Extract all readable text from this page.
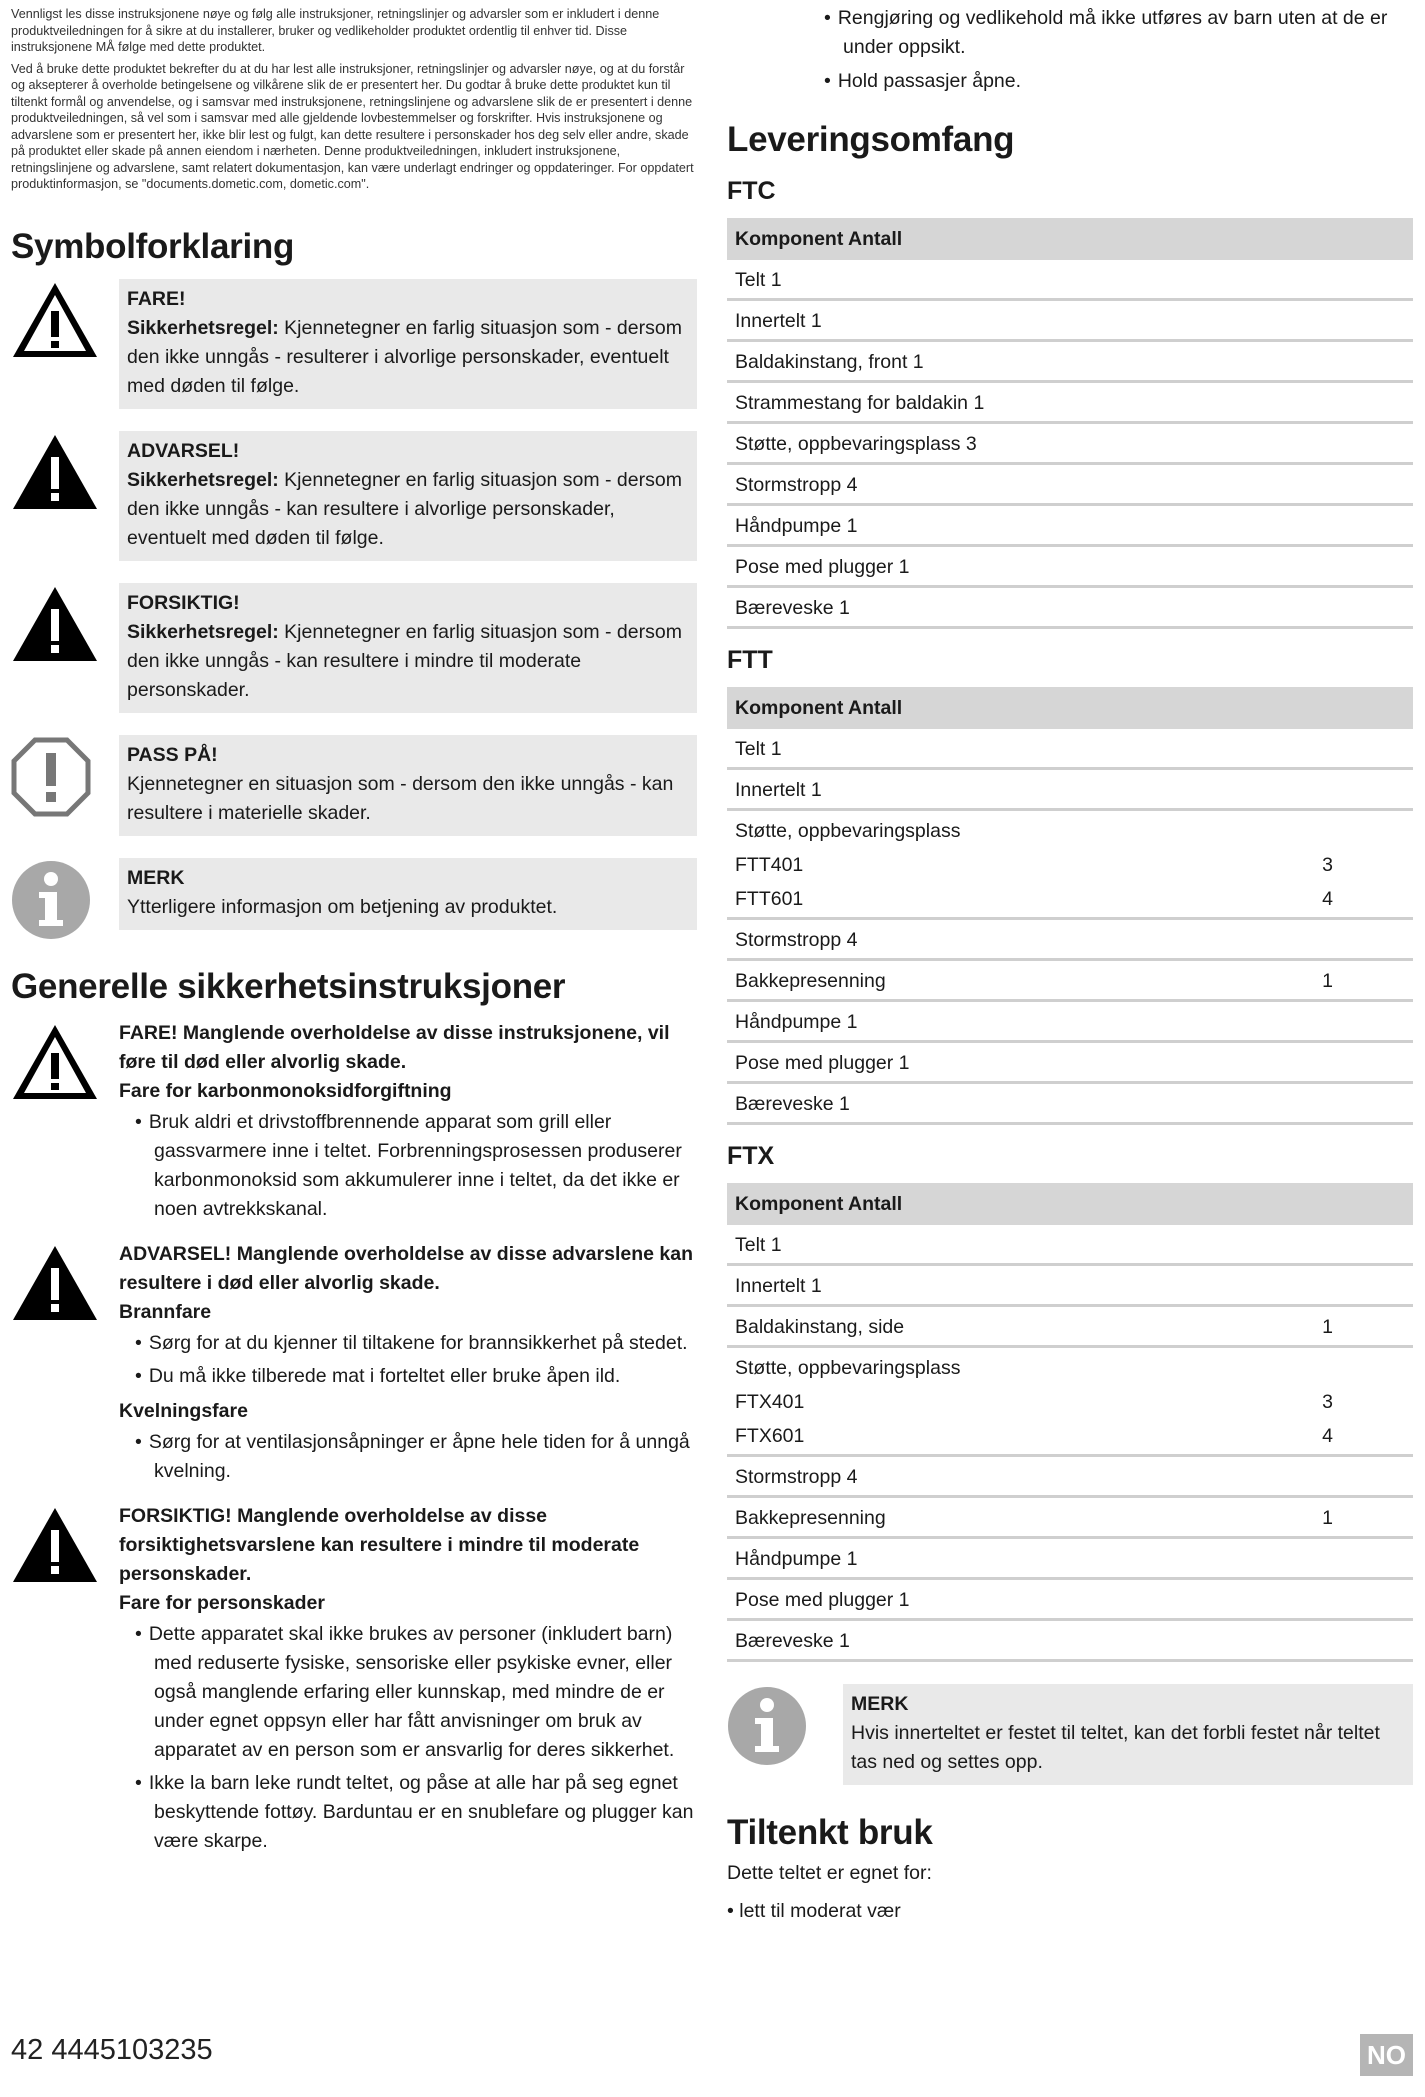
Vennligst les disse instruksjonene nøye og følg alle instruksjoner, retningslinjer og advarsler som er inkludert i denne produktveiledningen for å sikre at du installerer, bruker og vedlikeholder produktet ordentlig til enhver tid. Disse instruksjonene MÅ følge med dette produktet.

Ved å bruke dette produktet bekrefter du at du har lest alle instruksjoner, retningslinjer og advarsler nøye, og at du forstår og aksepterer å overholde betingelsene og vilkårene slik de er presentert her. Du godtar å bruke dette produktet kun til tiltenkt formål og anvendelse, og i samsvar med instruksjonene, retningslinjene og advarslene slik de er presentert i denne produktveiledningen, så vel som i samsvar med alle gjeldende lovbestemmelser og forskrifter. Hvis instruksjonene og advarslene som er presentert her, ikke blir lest og fulgt, kan dette resultere i personskader hos deg selv eller andre, skade på produktet eller skade på annen eiendom i nærheten. Denne produktveiledningen, inkludert instruksjonene, retningslinjene og advarslene, samt relatert dokumentasjon, kan være underlagt endringer og oppdateringer. For oppdatert produktinformasjon, se "documents.dometic.com, dometic.com".

Symbolforklaring
FARE!
Sikkerhetsregel: Kjennetegner en farlig situasjon som - dersom den ikke unngås - resulterer i alvorlige personskader, eventuelt med døden til følge.
ADVARSEL!
Sikkerhetsregel: Kjennetegner en farlig situasjon som - dersom den ikke unngås - kan resultere i alvorlige personskader, eventuelt med døden til følge.
FORSIKTIG!
Sikkerhetsregel: Kjennetegner en farlig situasjon som - dersom den ikke unngås - kan resultere i mindre til moderate personskader.
PASS PÅ!
Kjennetegner en situasjon som - dersom den ikke unngås - kan resultere i materielle skader.
MERK
Ytterligere informasjon om betjening av produktet.
Generelle sikkerhetsinstruksjoner
FARE! Manglende overholdelse av disse instruksjonene, vil føre til død eller alvorlig skade.
Fare for karbonmonoksidforgiftning
• Bruk aldri et drivstoffbrennende apparat som grill eller gassvarmere inne i teltet. Forbrenningsprosessen produserer karbonmonoksid som akkumulerer inne i teltet, da det ikke er noen avtrekkskanal.
ADVARSEL! Manglende overholdelse av disse advarslene kan resultere i død eller alvorlig skade.
Brannfare
• Sørg for at du kjenner til tiltakene for brannsikkerhet på stedet.
• Du må ikke tilberede mat i forteltet eller bruke åpen ild.
Kvelningsfare
• Sørg for at ventilasjonsåpninger er åpne hele tiden for å unngå kvelning.
FORSIKTIG! Manglende overholdelse av disse forsiktighetsvarslene kan resultere i mindre til moderate personskader.
Fare for personskader
• Dette apparatet skal ikke brukes av personer (inkludert barn) med reduserte fysiske, sensoriske eller psykiske evner, eller også manglende erfaring eller kunnskap, med mindre de er under egnet oppsyn eller har fått anvisninger om bruk av apparatet av en person som er ansvarlig for deres sikkerhet.
• Ikke la barn leke rundt teltet, og påse at alle har på seg egnet beskyttende fottøy. Barduntau er en snublefare og plugger kan være skarpe.
• Rengjøring og vedlikehold må ikke utføres av barn uten at de er under oppsikt.
• Hold passasjer åpne.
Leveringsomfang
FTC
Komponent Antall	
Telt 1	
Innertelt 1	
Baldakinstang, front 1	
Strammestang for baldakin 1	
Støtte, oppbevaringsplass 3	
Stormstropp 4	
Håndpumpe 1	
Pose med plugger 1	
Bæreveske 1	
FTT
Komponent Antall	
Telt 1	
Innertelt 1	
Støtte, oppbevaringsplass	
FTT401	3
FTT601	4
Stormstropp 4	
Bakkepresenning	1
Håndpumpe 1	
Pose med plugger 1	
Bæreveske 1	
FTX
Komponent Antall	
Telt 1	
Innertelt 1	
Baldakinstang, side	1
Støtte, oppbevaringsplass	
FTX401	3
FTX601	4
Stormstropp 4	
Bakkepresenning	1
Håndpumpe 1	
Pose med plugger 1	
Bæreveske 1	
MERK
Hvis innerteltet er festet til teltet, kan det forbli festet når teltet tas ned og settes opp.
Tiltenkt bruk

Dette teltet er egnet for:

• lett til moderat vær
42 4445103235	NO
